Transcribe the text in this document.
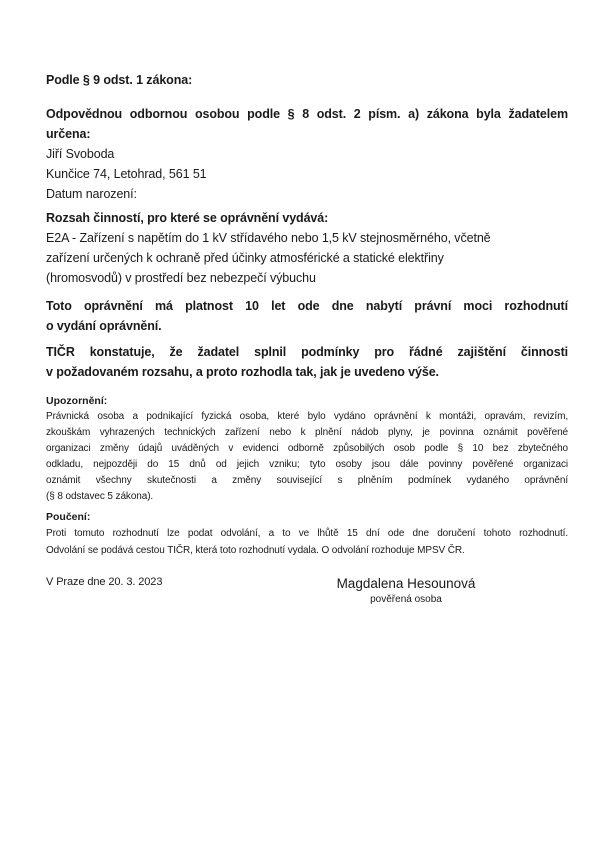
Podle § 9 odst. 1 zákona:
Odpovědnou odbornou osobou podle § 8 odst. 2 písm. a) zákona byla žadatelem
určena:
Jiří Svoboda
Kunčice 74, Letohrad, 561 51
Datum narození:
Rozsah činností, pro které se oprávnění vydává:
E2A - Zařízení s napětím do 1 kV střídavého nebo 1,5 kV stejnosměrného, včetně
zařízení určených k ochraně před účinky atmosférické a statické elektřiny
(hromosvodů) v prostředí bez nebezpečí výbuchu
Toto oprávnění má platnost 10 let ode dne nabytí právní moci rozhodnutí
o vydání oprávnění.
TIČR konstatuje, že žadatel splnil podmínky pro řádné zajištění činnosti
v požadovaném rozsahu, a proto rozhodla tak, jak je uvedeno výše.
Upozornění:
Právnická osoba a podnikající fyzická osoba, které bylo vydáno oprávnění k montáži, opravám, revizím,
zkouškám vyhrazených technických zařízení nebo k plnění nádob plyny, je povinna oznámit pověřené
organizaci změny údajů uváděných v evidenci odborně způsobilých osob podle § 10 bez zbytečného
odkladu, nejpozději do 15 dnů od jejich vzniku; tyto osoby jsou dále povinny pověřené organizaci
oznámit všechny skutečnosti a změny související s plněním podmínek vydaného oprávnění
(§ 8 odstavec 5 zákona).
Poučení:
Proti tomuto rozhodnutí lze podat odvolání, a to ve lhůtě 15 dní ode dne doručení tohoto rozhodnutí.
Odvolání se podává cestou TIČR, která toto rozhodnutí vydala. O odvolání rozhoduje MPSV ČR.
V Praze dne 20. 3. 2023	Magdalena Hesounová
pověřená osoba
